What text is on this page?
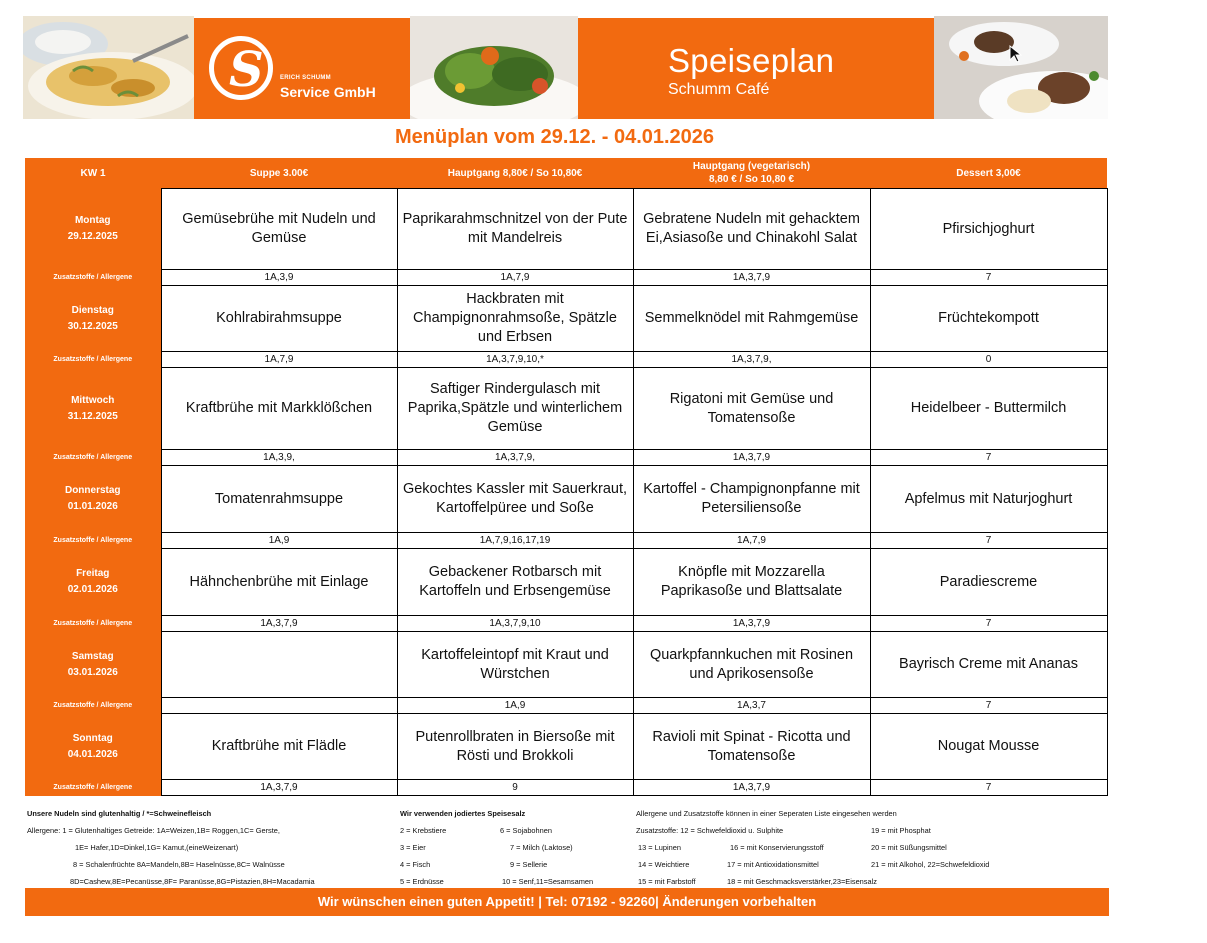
S	ERICH SCHUMM
Service GmbH
Speiseplan
Schumm Café
Menüplan vom 29.12. - 04.01.2026
KW 1	Suppe 3.00€	Hauptgang 8,80€ / So 10,80€	Hauptgang (vegetarisch)
8,80 € / So 10,80 €	Dessert 3,00€
Montag
29.12.2025	Gemüsebrühe mit Nudeln und Gemüse	Paprikarahmschnitzel von der Pute mit Mandelreis	Gebratene Nudeln mit gehacktem Ei,Asiasoße und Chinakohl Salat	Pfirsichjoghurt
Zusatzstoffe / Allergene	1A,3,9	1A,7,9	1A,3,7,9	7
Dienstag
30.12.2025	Kohlrabirahmsuppe	Hackbraten mit Champignonrahmsoße, Spätzle und Erbsen	Semmelknödel mit Rahmgemüse	Früchtekompott
Zusatzstoffe / Allergene	1A,7,9	1A,3,7,9,10,*	1A,3,7,9,	0
Mittwoch
31.12.2025	Kraftbrühe mit Markklößchen	Saftiger Rindergulasch mit Paprika,Spätzle und winterlichem Gemüse	Rigatoni mit Gemüse und Tomatensoße	Heidelbeer - Buttermilch
Zusatzstoffe / Allergene	1A,3,9,	1A,3,7,9,	1A,3,7,9	7
Donnerstag
01.01.2026	Tomatenrahmsuppe	Gekochtes Kassler mit Sauerkraut, Kartoffelpüree und Soße	Kartoffel - Champignonpfanne mit Petersiliensoße	Apfelmus mit Naturjoghurt
Zusatzstoffe / Allergene	1A,9	1A,7,9,16,17,19	1A,7,9	7
Freitag
02.01.2026	Hähnchenbrühe mit Einlage	Gebackener Rotbarsch mit Kartoffeln und Erbsengemüse	Knöpfle mit Mozzarella Paprikasoße und Blattsalate	Paradiescreme
Zusatzstoffe / Allergene	1A,3,7,9	1A,3,7,9,10	1A,3,7,9	7
Samstag
03.01.2026		Kartoffeleintopf mit Kraut und Würstchen	Quarkpfannkuchen mit Rosinen und Aprikosensoße	Bayrisch Creme mit Ananas
Zusatzstoffe / Allergene		1A,9	1A,3,7	7
Sonntag
04.01.2026	Kraftbrühe mit Flädle	Putenrollbraten in Biersoße mit Rösti und Brokkoli	Ravioli mit Spinat - Ricotta und Tomatensoße	Nougat Mousse
Zusatzstoffe / Allergene	1A,3,7,9	9	1A,3,7,9	7
Unsere Nudeln sind glutenhaltig / *=Schweinefleisch
Allergene: 1 = Glutenhaltiges Getreide: 1A=Weizen,1B= Roggen,1C= Gerste,
1E= Hafer,1D=Dinkel,1G= Kamut,(eineWeizenart)
8 = Schalenfrüchte 8A=Mandeln,8B= Haselnüsse,8C= Walnüsse
8D=Cashew,8E=Pecanüsse,8F= Paranüsse,8G=Pistazien,8H=Macadamia
Wir verwenden jodiertes Speisesalz
2 = Krebstiere
3 = Eier
4 = Fisch
5 = Erdnüsse
6 = Sojabohnen
7 = Milch (Laktose)
9 = Sellerie
10 = Senf,11=Sesamsamen
Allergene und Zusatzstoffe können in einer Seperaten Liste eingesehen werden
Zusatzstoffe: 12 = Schwefeldioxid u. Sulphite
13 = Lupinen
14 = Weichtiere
15 = mit Farbstoff
16 = mit Konservierungsstoff
17 = mit Antioxidationsmittel
18 = mit Geschmacksverstärker,23=Eisensalz
19 = mit Phosphat
20 = mit Süßungsmittel
21 = mit Alkohol, 22=Schwefeldioxid
Wir wünschen einen guten Appetit! | Tel: 07192 - 92260| Änderungen vorbehalten
